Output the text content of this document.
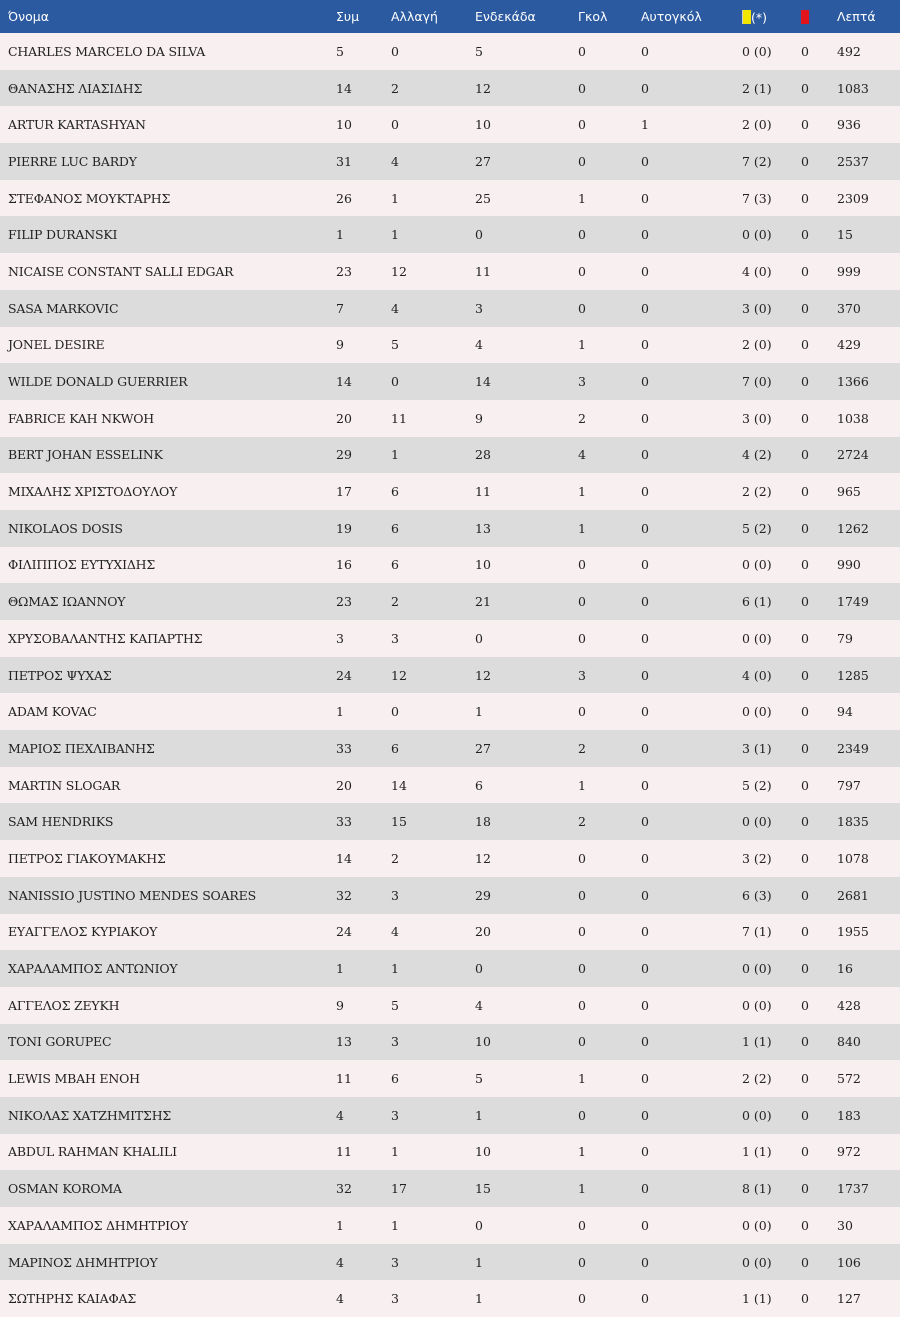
Όνομα	Συμ	Αλλαγή	Ενδεκάδα	Γκολ	Αυτογκόλ	(*)		Λεπτά
CHARLES MARCELO DA SILVA	5	0	5	0	0	0 (0)	0	492
ΘΑΝΑΣΗΣ ΛΙΑΣΙΔΗΣ	14	2	12	0	0	2 (1)	0	1083
ARTUR KARTASHYAN	10	0	10	0	1	2 (0)	0	936
PIERRE LUC BARDY	31	4	27	0	0	7 (2)	0	2537
ΣΤΕΦΑΝΟΣ ΜΟΥΚΤΑΡΗΣ	26	1	25	1	0	7 (3)	0	2309
FILIP DURANSKI	1	1	0	0	0	0 (0)	0	15
NICAISE CONSTANT SALLI EDGAR	23	12	11	0	0	4 (0)	0	999
SASA MARKOVIC	7	4	3	0	0	3 (0)	0	370
JONEL DESIRE	9	5	4	1	0	2 (0)	0	429
WILDE DONALD GUERRIER	14	0	14	3	0	7 (0)	0	1366
FABRICE KAH NKWOH	20	11	9	2	0	3 (0)	0	1038
BERT JOHAN ESSELINK	29	1	28	4	0	4 (2)	0	2724
ΜΙΧΑΛΗΣ ΧΡΙΣΤΟΔΟΥΛΟΥ	17	6	11	1	0	2 (2)	0	965
NIKOLAOS DOSIS	19	6	13	1	0	5 (2)	0	1262
ΦΙΛΙΠΠΟΣ ΕΥΤΥΧΙΔΗΣ	16	6	10	0	0	0 (0)	0	990
ΘΩΜΑΣ ΙΩΑΝΝΟΥ	23	2	21	0	0	6 (1)	0	1749
ΧΡΥΣΟΒΑΛΑΝΤΗΣ ΚΑΠΑΡΤΗΣ	3	3	0	0	0	0 (0)	0	79
ΠΕΤΡΟΣ ΨΥΧΑΣ	24	12	12	3	0	4 (0)	0	1285
ADAM KOVAC	1	0	1	0	0	0 (0)	0	94
ΜΑΡΙΟΣ ΠΕΧΛΙΒΑΝΗΣ	33	6	27	2	0	3 (1)	0	2349
MARTIN SLOGAR	20	14	6	1	0	5 (2)	0	797
SAM HENDRIKS	33	15	18	2	0	0 (0)	0	1835
ΠΕΤΡΟΣ ΓΙΑΚΟΥΜΑΚΗΣ	14	2	12	0	0	3 (2)	0	1078
NANISSIO JUSTINO MENDES SOARES	32	3	29	0	0	6 (3)	0	2681
ΕΥΑΓΓΕΛΟΣ ΚΥΡΙΑΚΟΥ	24	4	20	0	0	7 (1)	0	1955
ΧΑΡΑΛΑΜΠΟΣ ΑΝΤΩΝΙΟΥ	1	1	0	0	0	0 (0)	0	16
ΑΓΓΕΛΟΣ ΖΕΥΚΗ	9	5	4	0	0	0 (0)	0	428
TONI GORUPEC	13	3	10	0	0	1 (1)	0	840
LEWIS MBAH ENOH	11	6	5	1	0	2 (2)	0	572
ΝΙΚΟΛΑΣ ΧΑΤΖΗΜΙΤΣΗΣ	4	3	1	0	0	0 (0)	0	183
ABDUL RAHMAN KHALILI	11	1	10	1	0	1 (1)	0	972
OSMAN KOROMA	32	17	15	1	0	8 (1)	0	1737
ΧΑΡΑΛΑΜΠΟΣ ΔΗΜΗΤΡΙΟΥ	1	1	0	0	0	0 (0)	0	30
ΜΑΡΙΝΟΣ ΔΗΜΗΤΡΙΟΥ	4	3	1	0	0	0 (0)	0	106
ΣΩΤΗΡΗΣ ΚΑΙΑΦΑΣ	4	3	1	0	0	1 (1)	0	127
